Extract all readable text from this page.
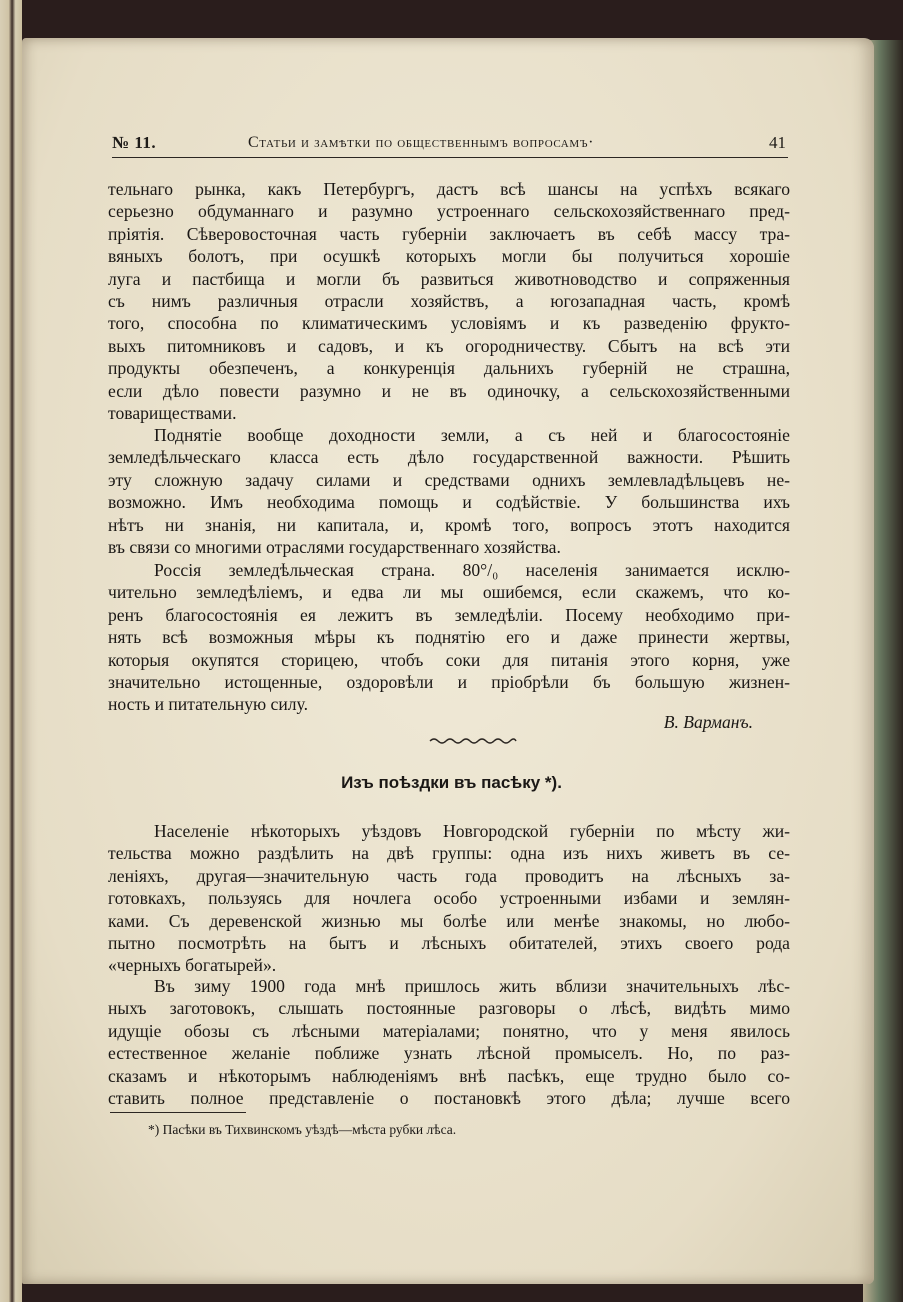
№ 11.	Статьи и замѣтки по общественнымъ вопросамъ·	41
тельнаго рынка, какъ Петербургъ, дастъ всѣ шансы на успѣхъ всякаго
серьезно обдуманнаго и разумно устроеннаго сельскохозяйственнаго пред-
пріятія. Сѣверовосточная часть губерніи заключаетъ въ себѣ массу тра-
вяныхъ болотъ, при осушкѣ которыхъ могли бы получиться хорошіе
луга и пастбища и могли бъ развиться животноводство и сопряженныя
съ нимъ различныя отрасли хозяйствъ, а югозападная часть, кромѣ
того, способна по климатическимъ условіямъ и къ разведенію фрукто-
выхъ питомниковъ и садовъ, и къ огородничеству. Сбытъ на всѣ эти
продукты обезпеченъ, а конкуренція дальнихъ губерній не страшна,
если дѣло повести разумно и не въ одиночку, а сельскохозяйственными
товариществами.
Поднятіе вообще доходности земли, а съ ней и благосостояніе
земледѣльческаго класса есть дѣло государственной важности. Рѣшить
эту сложную задачу силами и средствами однихъ землевладѣльцевъ не-
возможно. Имъ необходима помощь и содѣйствіе. У большинства ихъ
нѣтъ ни знанія, ни капитала, и, кромѣ того, вопросъ этотъ находится
въ связи со многими отраслями государственнаго хозяйства.
Россія земледѣльческая страна. 80°/₀ населенія занимается исклю-
чительно земледѣліемъ, и едва ли мы ошибемся, если скажемъ, что ко-
ренъ благосостоянія ея лежитъ въ земледѣліи. Посему необходимо при-
нять всѣ возможныя мѣры къ поднятію его и даже принести жертвы,
которыя окупятся сторицею, чтобъ соки для питанія этого корня, уже
значительно истощенные, оздоровѣли и пріобрѣли бъ большую жизнен-
ность и питательную силу.
В. Варманъ.
Изъ поѣздки въ пасѣку *).
Населеніе нѣкоторыхъ уѣздовъ Новгородской губерніи по мѣсту жи-
тельства можно раздѣлить на двѣ группы: одна изъ нихъ живетъ въ се-
леніяхъ, другая—значительную часть года проводитъ на лѣсныхъ за-
готовкахъ, пользуясь для ночлега особо устроенными избами и землян-
ками. Съ деревенской жизнью мы болѣе или менѣе знакомы, но любо-
пытно посмотрѣть на бытъ и лѣсныхъ обитателей, этихъ своего рода
«черныхъ богатырей».
Въ зиму 1900 года мнѣ пришлось жить вблизи значительныхъ лѣс-
ныхъ заготовокъ, слышать постоянные разговоры о лѣсѣ, видѣть мимо
идущіе обозы съ лѣсными матеріалами; понятно, что у меня явилось
естественное желаніе поближе узнать лѣсной промыселъ. Но, по раз-
сказамъ и нѣкоторымъ наблюденіямъ внѣ пасѣкъ, еще трудно было со-
ставить полное представленіе о постановкѣ этого дѣла; лучше всего
*) Пасѣки въ Тихвинскомъ уѣздѣ—мѣста рубки лѣса.
